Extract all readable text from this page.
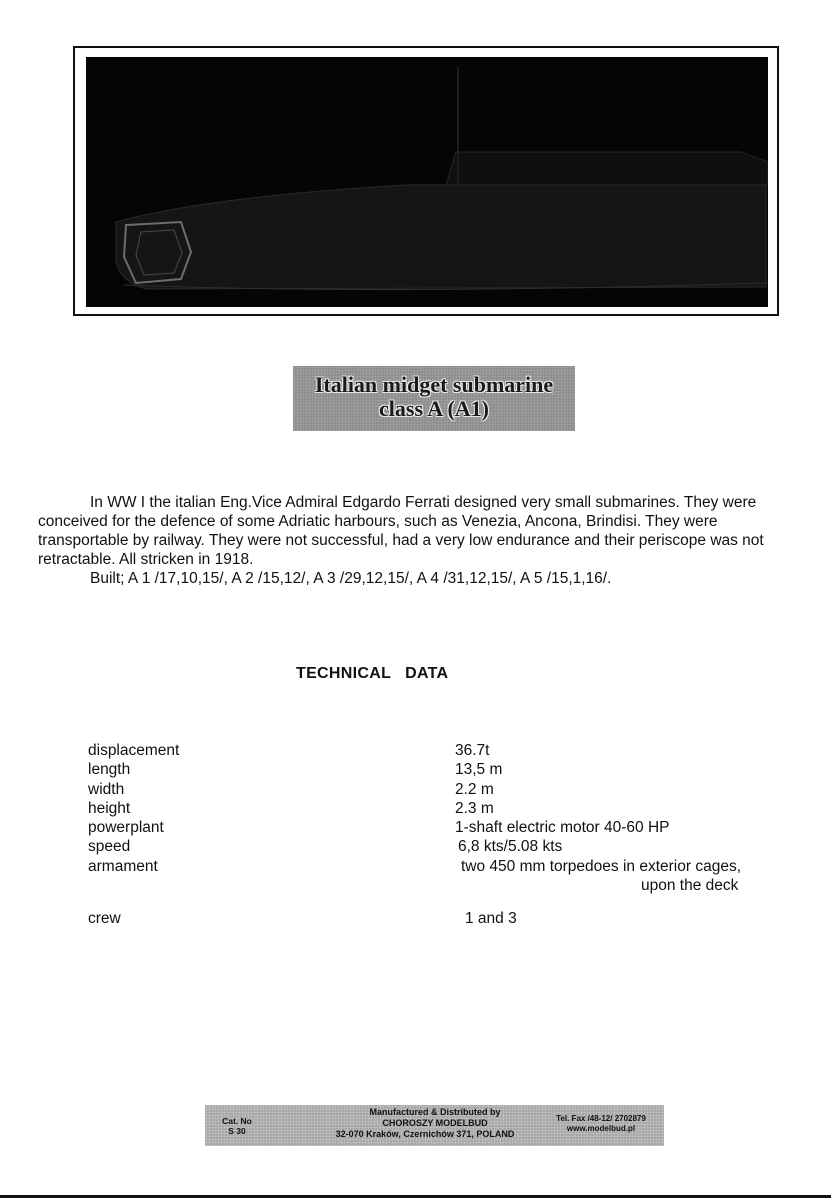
Italian midget submarine
class A (A1)

In WW I the italian Eng.Vice Admiral Edgardo Ferrati designed very small submarines. They were conceived for the defence of some Adriatic harbours, such as Venezia, Ancona, Brindisi. They were transportable by railway. They were not successful, had a very low endurance and their periscope was not retractable. All stricken in 1918.

Built; A 1 /17,10,15/, A 2 /15,12/, A 3 /29,12,15/, A 4 /31,12,15/, A 5 /15,1,16/.
TECHNICAL   DATA
displacement	36.7t
length	13,5 m
width	2.2 m
height	2.3 m
powerplant	1-shaft electric motor 40-60 HP
speed	6,8 kts/5.08 kts
armament	two 450 mm torpedoes in exterior cages,
upon the deck
crew	1 and 3
Cat. No
S 30
Manufactured & Distributed by
CHOROSZY MODELBUD
32-070 Kraków, Czernichów 371, POLAND
Tel. Fax /48-12/ 2702879
www.modelbud.pl
